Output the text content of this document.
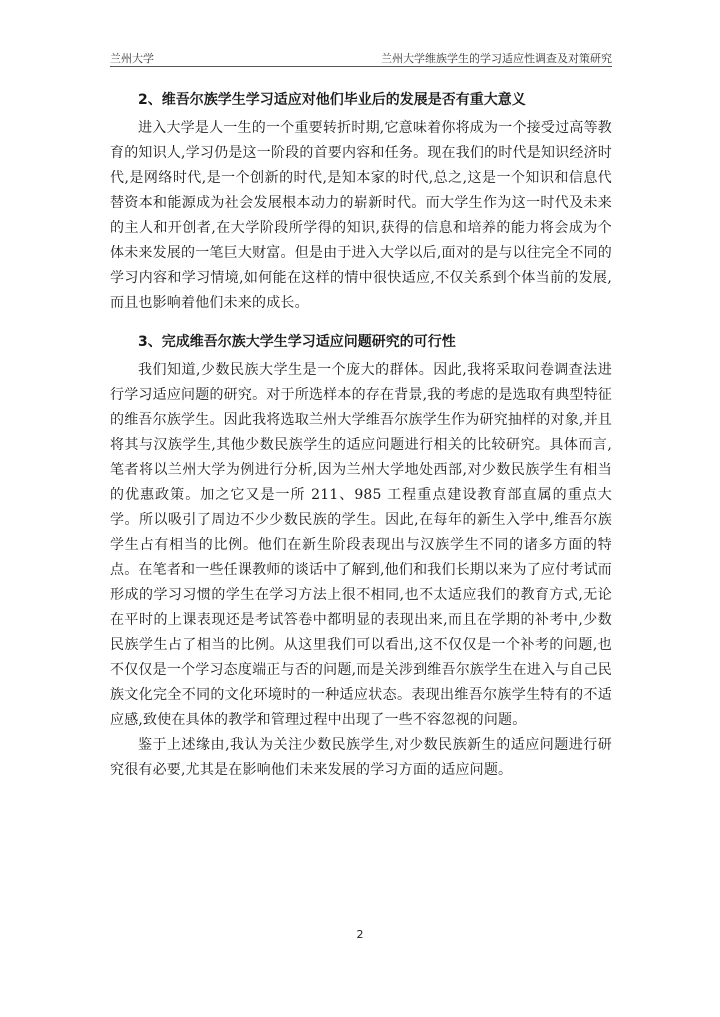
兰州大学	兰州大学维族学生的学习适应性调查及对策研究
2、维吾尔族学生学习适应对他们毕业后的发展是否有重大意义

进入大学是人一生的一个重要转折时期,它意味着你将成为一个接受过高等教育的知识人,学习仍是这一阶段的首要内容和任务。现在我们的时代是知识经济时代,是网络时代,是一个创新的时代,是知本家的时代,总之,这是一个知识和信息代替资本和能源成为社会发展根本动力的崭新时代。而大学生作为这一时代及未来的主人和开创者,在大学阶段所学得的知识,获得的信息和培养的能力将会成为个体未来发展的一笔巨大财富。但是由于进入大学以后,面对的是与以往完全不同的学习内容和学习情境,如何能在这样的情中很快适应,不仅关系到个体当前的发展,而且也影响着他们未来的成长。

3、完成维吾尔族大学生学习适应问题研究的可行性

我们知道,少数民族大学生是一个庞大的群体。因此,我将采取问卷调查法进行学习适应问题的研究。对于所选样本的存在背景,我的考虑的是选取有典型特征的维吾尔族学生。因此我将选取兰州大学维吾尔族学生作为研究抽样的对象,并且将其与汉族学生,其他少数民族学生的适应问题进行相关的比较研究。具体而言,笔者将以兰州大学为例进行分析,因为兰州大学地处西部,对少数民族学生有相当的优惠政策。加之它又是一所 211、985 工程重点建设教育部直属的重点大学。所以吸引了周边不少少数民族的学生。因此,在每年的新生入学中,维吾尔族学生占有相当的比例。他们在新生阶段表现出与汉族学生不同的诸多方面的特点。在笔者和一些任课教师的谈话中了解到,他们和我们长期以来为了应付考试而形成的学习习惯的学生在学习方法上很不相同,也不太适应我们的教育方式,无论在平时的上课表现还是考试答卷中都明显的表现出来,而且在学期的补考中,少数民族学生占了相当的比例。从这里我们可以看出,这不仅仅是一个补考的问题,也不仅仅是一个学习态度端正与否的问题,而是关涉到维吾尔族学生在进入与自己民族文化完全不同的文化环境时的一种适应状态。表现出维吾尔族学生特有的不适应感,致使在具体的教学和管理过程中出现了一些不容忽视的问题。

鉴于上述缘由,我认为关注少数民族学生,对少数民族新生的适应问题进行研究很有必要,尤其是在影响他们未来发展的学习方面的适应问题。

2
